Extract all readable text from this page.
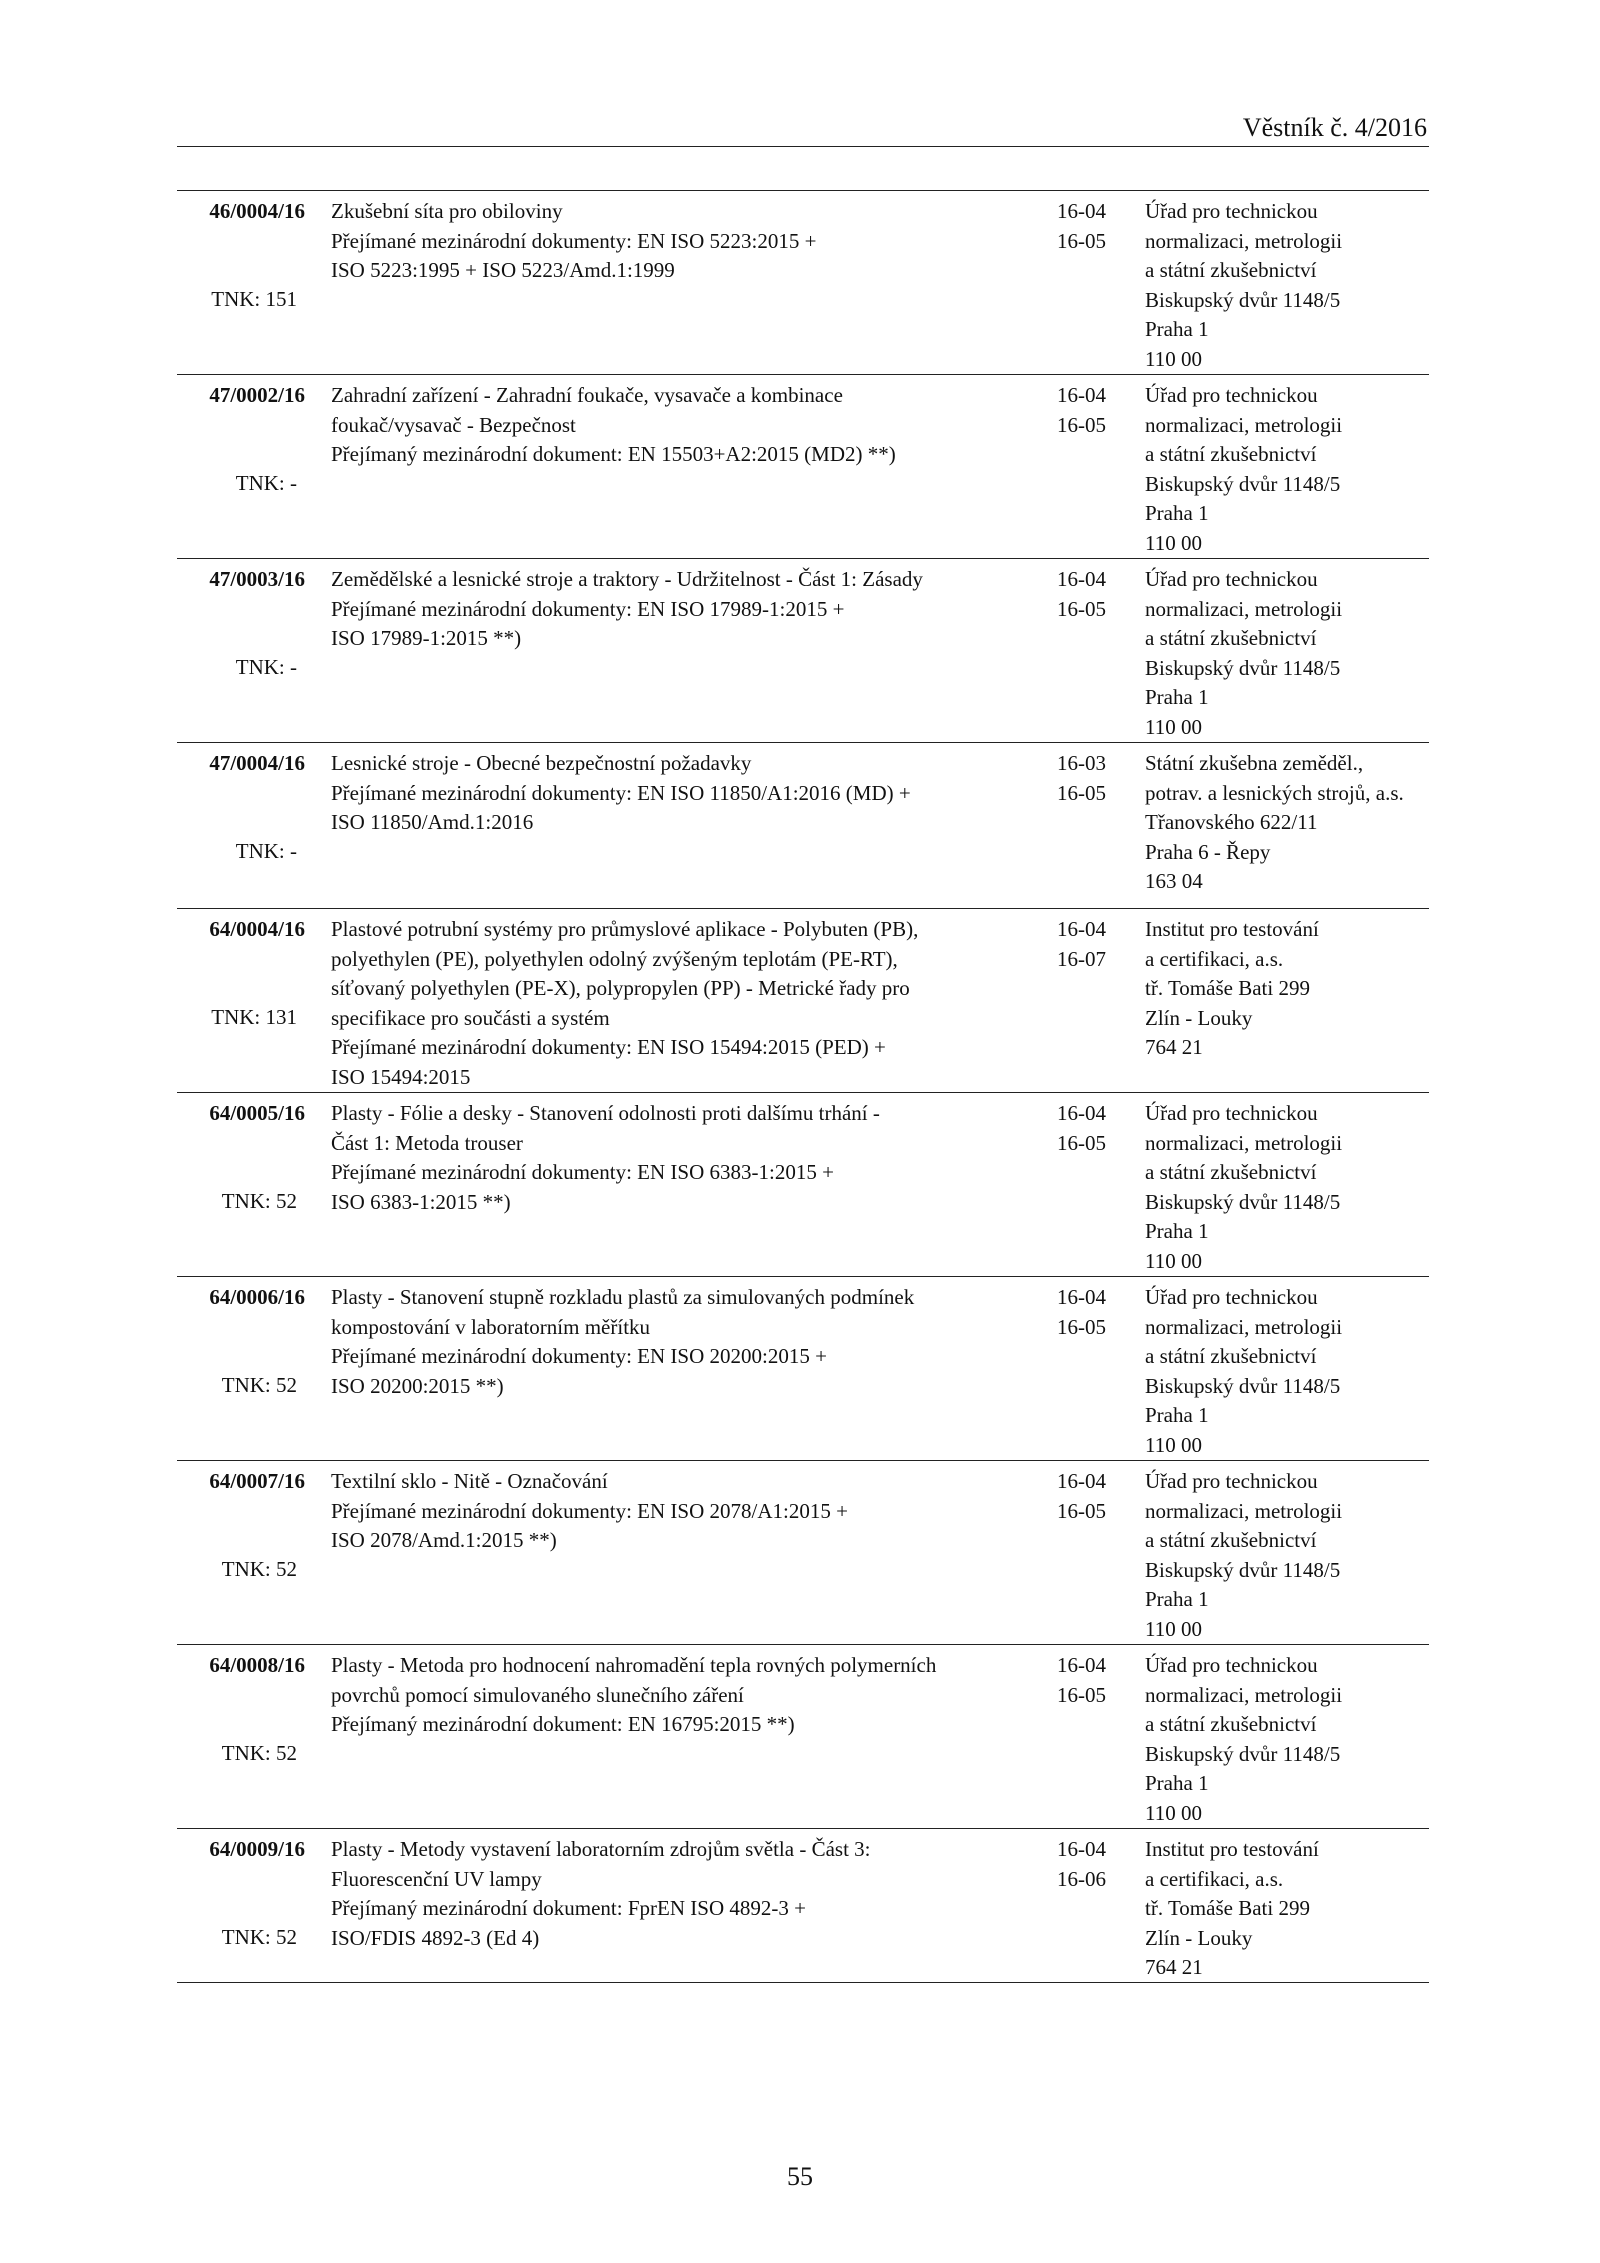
Věstník č. 4/2016
46/0004/16
TNK: 151
Zkušební síta pro obiloviny
Přejímané mezinárodní dokumenty: EN ISO 5223:2015 +
ISO 5223:1995 + ISO 5223/Amd.1:1999
16-04
16-05
Úřad pro technickou
normalizaci, metrologii
a státní zkušebnictví
Biskupský dvůr 1148/5
Praha 1
110 00
47/0002/16
TNK: -
Zahradní zařízení - Zahradní foukače, vysavače a kombinace
foukač/vysavač - Bezpečnost
Přejímaný mezinárodní dokument: EN 15503+A2:2015 (MD2) **)
16-04
16-05
Úřad pro technickou
normalizaci, metrologii
a státní zkušebnictví
Biskupský dvůr 1148/5
Praha 1
110 00
47/0003/16
TNK: -
Zemědělské a lesnické stroje a traktory - Udržitelnost - Část 1: Zásady
Přejímané mezinárodní dokumenty: EN ISO 17989-1:2015 +
ISO 17989-1:2015 **)
16-04
16-05
Úřad pro technickou
normalizaci, metrologii
a státní zkušebnictví
Biskupský dvůr 1148/5
Praha 1
110 00
47/0004/16
TNK: -
Lesnické stroje - Obecné bezpečnostní požadavky
Přejímané mezinárodní dokumenty: EN ISO 11850/A1:2016 (MD) +
ISO 11850/Amd.1:2016
16-03
16-05
Státní zkušebna zeměděl.,
potrav. a lesnických strojů, a.s.
Třanovského 622/11
Praha 6 - Řepy
163 04
64/0004/16
TNK: 131
Plastové potrubní systémy pro průmyslové aplikace - Polybuten (PB),
polyethylen (PE), polyethylen odolný zvýšeným teplotám (PE-RT),
síťovaný polyethylen (PE-X), polypropylen (PP) - Metrické řady pro
specifikace pro součásti a systém
Přejímané mezinárodní dokumenty: EN ISO 15494:2015 (PED) +
ISO 15494:2015
16-04
16-07
Institut pro testování
a certifikaci, a.s.
tř. Tomáše Bati 299
Zlín - Louky
764 21
64/0005/16
TNK: 52
Plasty - Fólie a desky - Stanovení odolnosti proti dalšímu trhání -
Část 1: Metoda trouser
Přejímané mezinárodní dokumenty: EN ISO 6383-1:2015 +
ISO 6383-1:2015 **)
16-04
16-05
Úřad pro technickou
normalizaci, metrologii
a státní zkušebnictví
Biskupský dvůr 1148/5
Praha 1
110 00
64/0006/16
TNK: 52
Plasty - Stanovení stupně rozkladu plastů za simulovaných podmínek
kompostování v laboratorním měřítku
Přejímané mezinárodní dokumenty: EN ISO 20200:2015 +
ISO 20200:2015 **)
16-04
16-05
Úřad pro technickou
normalizaci, metrologii
a státní zkušebnictví
Biskupský dvůr 1148/5
Praha 1
110 00
64/0007/16
TNK: 52
Textilní sklo - Nitě - Označování
Přejímané mezinárodní dokumenty: EN ISO 2078/A1:2015 +
ISO 2078/Amd.1:2015 **)
16-04
16-05
Úřad pro technickou
normalizaci, metrologii
a státní zkušebnictví
Biskupský dvůr 1148/5
Praha 1
110 00
64/0008/16
TNK: 52
Plasty - Metoda pro hodnocení nahromadění tepla rovných polymerních
povrchů pomocí simulovaného slunečního záření
Přejímaný mezinárodní dokument: EN 16795:2015 **)
16-04
16-05
Úřad pro technickou
normalizaci, metrologii
a státní zkušebnictví
Biskupský dvůr 1148/5
Praha 1
110 00
64/0009/16
TNK: 52
Plasty - Metody vystavení laboratorním zdrojům světla - Část 3:
Fluorescenční UV lampy
Přejímaný mezinárodní dokument: FprEN ISO 4892-3 +
ISO/FDIS 4892-3 (Ed 4)
16-04
16-06
Institut pro testování
a certifikaci, a.s.
tř. Tomáše Bati 299
Zlín - Louky
764 21
55
